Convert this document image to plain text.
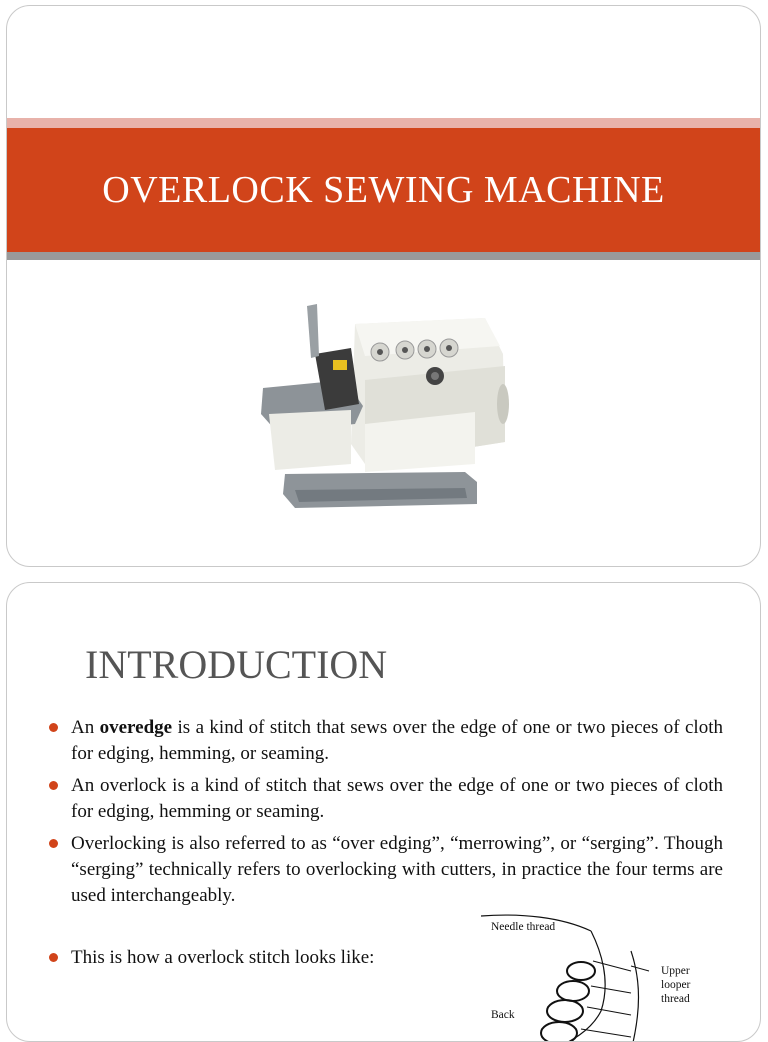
OVERLOCK SEWING MACHINE
INTRODUCTION
An overedge is a kind of stitch that sews over the edge of one or two pieces of cloth for edging, hemming, or seaming.
An overlock is a kind of stitch that sews over the edge of one or two pieces of cloth for edging, hemming or seaming.
Overlocking is also referred to as “over edging”, “merrowing”, or “serging”. Though “serging” technically refers to overlocking with cutters, in practice the four terms are used interchangeably.
This is how a overlock stitch looks like:
Needle thread
Upper
looper
thread
Back
